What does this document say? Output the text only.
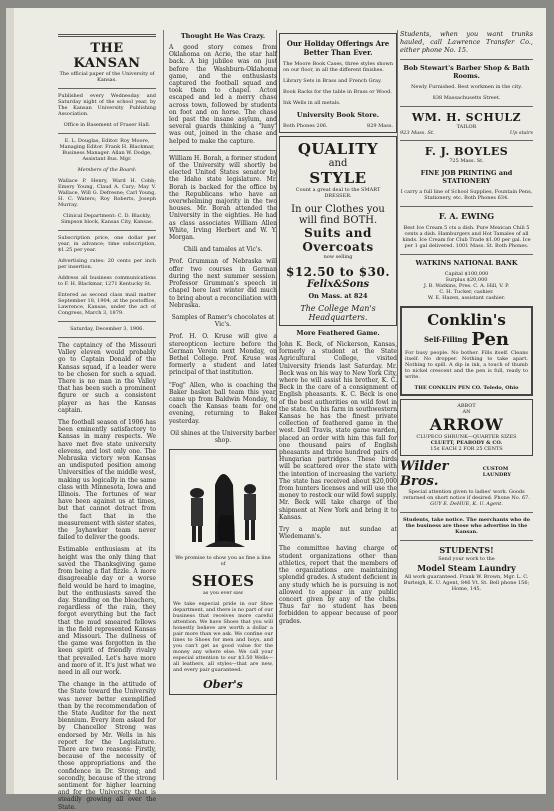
THE KANSAN

The official paper of the University of Kansas.

Published every Wednesday and Saturday night of the school year, by The Kansan University Publishing Association.

Office in Basement of Fraser Hall.

E. L. Douglas, Editor. Roy Moore, Managing Editor. Frank H. Blackmar, Business Manager. Allan W. Dodge, Assistant Bus. Mgr.

Members of the Board:

Wallace P. Henry, Ward H. Cobb; Emery Young, Claud A. Cary; May V. Wallace, Will G. Defresne; Carl Young, H. C. Waters; Roy Roberts, Joseph Murray.

Clinical Department: C. D. Blackly, Simpson block, Kansas City, Kansas.

Subscription price, one dollar per year, in advance; time subscription, $1.25 per year.

Advertising rates: 20 cents per inch per insertion.

Address all business communications to F. H. Blackmar, 1271 Kentucky St.

Entered as second class mail matter September 18, 1904, at the postoffice, Lawrence, Kansas, under the act of Congress, March 3, 1879.

Saturday, December 3, 1906.

The captaincy of the Missouri Valley eleven would probably go to Captain Donald of the Kansas squad, if a leader were to be chosen for such a squad. There is no man in the Valley that has been such a prominent figure or such a consistent player as has the Kansas captain.

The football season of 1906 has been eminently satisfactory to Kansas in many respects. We have met five state university elevens, and lost only one. The Nebraska victory won Kansas an undisputed position among Universities of the middle west, making us logically in the same class with Minnesota, Iowa and Illinois. The fortunes of war have been against us at times, but that cannot detract from the fact that in the measurement with sister states, the Jayhawker team never failed to deliver the goods.

Estimable enthusiasm at its height was the only thing that saved the Thanksgiving game from being a flat fizzle. A more disagreeable day or a worse field would be hard to imagine, but the enthusiasts saved the day. Standing on the bleachers, regardless of the rain, they forgot everything but the fact that the mud smeared fellows in the field represented Kansas and Missouri. The dullness of the game was forgotten in the keen spirit of friendly rivalry that prevailed. Let's have more and more of it. It's just what we need in all our work.

The change in the attitude of the State toward the University was never better exemplified than by the recommendation of the State Auditor for the next biennium. Every item asked for by Chancellor Strong was endorsed by Mr. Wells in his report for the Legislature. There are two reasons: Firstly, because of the necessity of those appropriations and the confidence in Dr. Strong; and secondly, because of the strong sentiment for higher learning and for the University that is steadily growing all over the State.

Thought He Was Crazy.

A good story comes from Oklahoma on Acrie, the star half back. A big jubilee was on just before the Washburn-Oklahoma game, and the enthusiasts captured the football squad and took them to chapel. Acton escaped and led a merry chase across town, followed by students on foot and on horse. The chase led past the insane asylum, and several guards thinking a "luny" was out, joined in the chase and helped to make the capture.

William H. Borah, a former student of the University will shortly be elected United States senator by the Idaho state legislature. Mr. Borah is backed for the office by the Republicans who have an overwhelming majority in the two houses. Mr. Borah attended the University in the eighties. He had as class associates William Allen White, Irving Herbert and W. Y. Morgan.

Chili and tamales at Vic's.

Prof. Grumman of Nebraska will offer two courses in German during the next summer session. Professor Grumman's speech in chapel here last winter did much to bring about a reconciliation with Nebraska.

Samples of Ramer's chocolates at Vic's.

Prof. H. O. Kruse will give a stereopticon lecture before the German Verein next Monday, on Bethel College. Prof. Kruse was formerly a student and later principal of that institution.

"Fog" Allen, who is coaching the Baker basket ball team this year, came up from Baldwin Monday, to coach the Kansas team for one evening, returning to Baker yesterday.

Oil shines at the University barber shop.

We promise to show you as fine a line of

SHOES

as you ever saw

We take especial pride in our Shoe department, and there is no part of our business that receives more careful attention. We have Shoes that you will honestly believe are worth a dollar a pair more than we ask. We confine our lines to Shoes for men and boys, and you can't get as good value for the money any where else. We call your especial attention to our $3.50 Wells—all leathers, all styles—that are new, and every pair guaranteed.

Ober's
Our Holiday Offerings Are Better Than Ever.

The Moore Book Cases, three styles shown on our floor, in all the different finishes.

Library Sets in Brass and French Gray.

Book Racks for the table in Brass or Wood.

Ink Wells in all metals.

University Book Store.
Both Phones 206.	829 Mass.
QUALITY
and
STYLE

Count a great deal to the SMART DRESSER.

In our Clothes you will find BOTH.
Suits and Overcoats

now selling

$12.50 to $30.
Felix&Sons
On Mass. at 824
The College Man's Headquarters.
More Feathered Game.

John K. Beck, of Nickerson, Kansas, formerly a student at the State Agricultural College, visited University friends last Saturday. Mr. Beck was on his way to New York City, where he will assist his brother, K. C. Beck in the care of a consignment of English pheasants. K. C. Beck is one of the best authorities on wild fowl in the state. On his farm in southwestern Kansas he has the finest private collection of feathered game in the west. Dell Travis, state game warden, placed an order with him this fall for one thousand pairs of English pheasants and three hundred pairs of Hungarian partridges. These birds will be scattered over the state with the intention of increasing the variety. The state has received about $20,000 from hunters licenses and will use the money to restock our wild fowl supply. Mr. Beck will take charge of the shipment at New York and bring it to Kansas.

Try a maple nut sundae at Wiedemann's.

The committee having charge of student organizations other than athletics, report that the members of the organizations are maintaining splendid grades. A student deficient in any study which he is pursuing is not allowed to appear in any public concert given by any of the clubs. Thus far no student has been forbidden to appear because of poor grades.

Students, when you want trunks hauled, call Lawrence Transfer Co., either phone No. 15.

Bob Stewart's Barber Shop & Bath Rooms.

Newly Furnished. Best workmen in the city.

838 Massachusetts Street.

WM. H. SCHULZ
TAILOR
923 Mass. St.	Up stairs
F. J. BOYLES

725 Mass. St.

FINE JOB PRINTING and STATIONERY

I carry a full line of School Supplies, Fountain Pens, Stationery, etc. Both Phones 634.

F. A. EWING

Best Ice Cream 5 cts a dish. Pure Mexican Chili 5 cents a dish. Hamburgers and Hot Tamales of all kinds. Ice Cream for Club Trade $1.00 per gal. Ice per 1 gal delivered. 1001 Mass. St. Both Phones.

WATKINS NATIONAL BANK

Capital $100,000

Surplus $20,000

J. B. Watkins, Pres. C. A. Hill, V. P.

C. H. Tucker, cashier.

W. E. Hazen, assistant cashier.

Conklin's
Self-Filling Pen

For busy people. No bother. Fills itself. Cleans itself. No dropper. Nothing to take apart. Nothing to spill. A dip in ink, a touch of thumb to nickel crescent and the pen is full, ready to write.

THE CONKLIN PEN CO. Toledo, Ohio

ABBOT

AN

ARROW

CLUPECO SHRUNK—QUARTER SIZES

CLUETT, PEABODY & CO.

15¢ EACH 2 FOR 25 CENTS

Wilder Bros.
CUSTOM LAUNDRY

Special attention given to ladies' work. Goods returned on short notice if desired. Phone No. 67.

GUY E. DeHUE, K. U. Agent.

Students, take notice. The merchants who do the business are those who advertise in the Kansan.

STUDENTS!

Send your work to the

Model Steam Laundry

All work guaranteed. Frank W. Brown, Mgr. L. C. Burleigh, K. U. Agent, 846 Vt. St. Bell phone 156; Home, 145.
